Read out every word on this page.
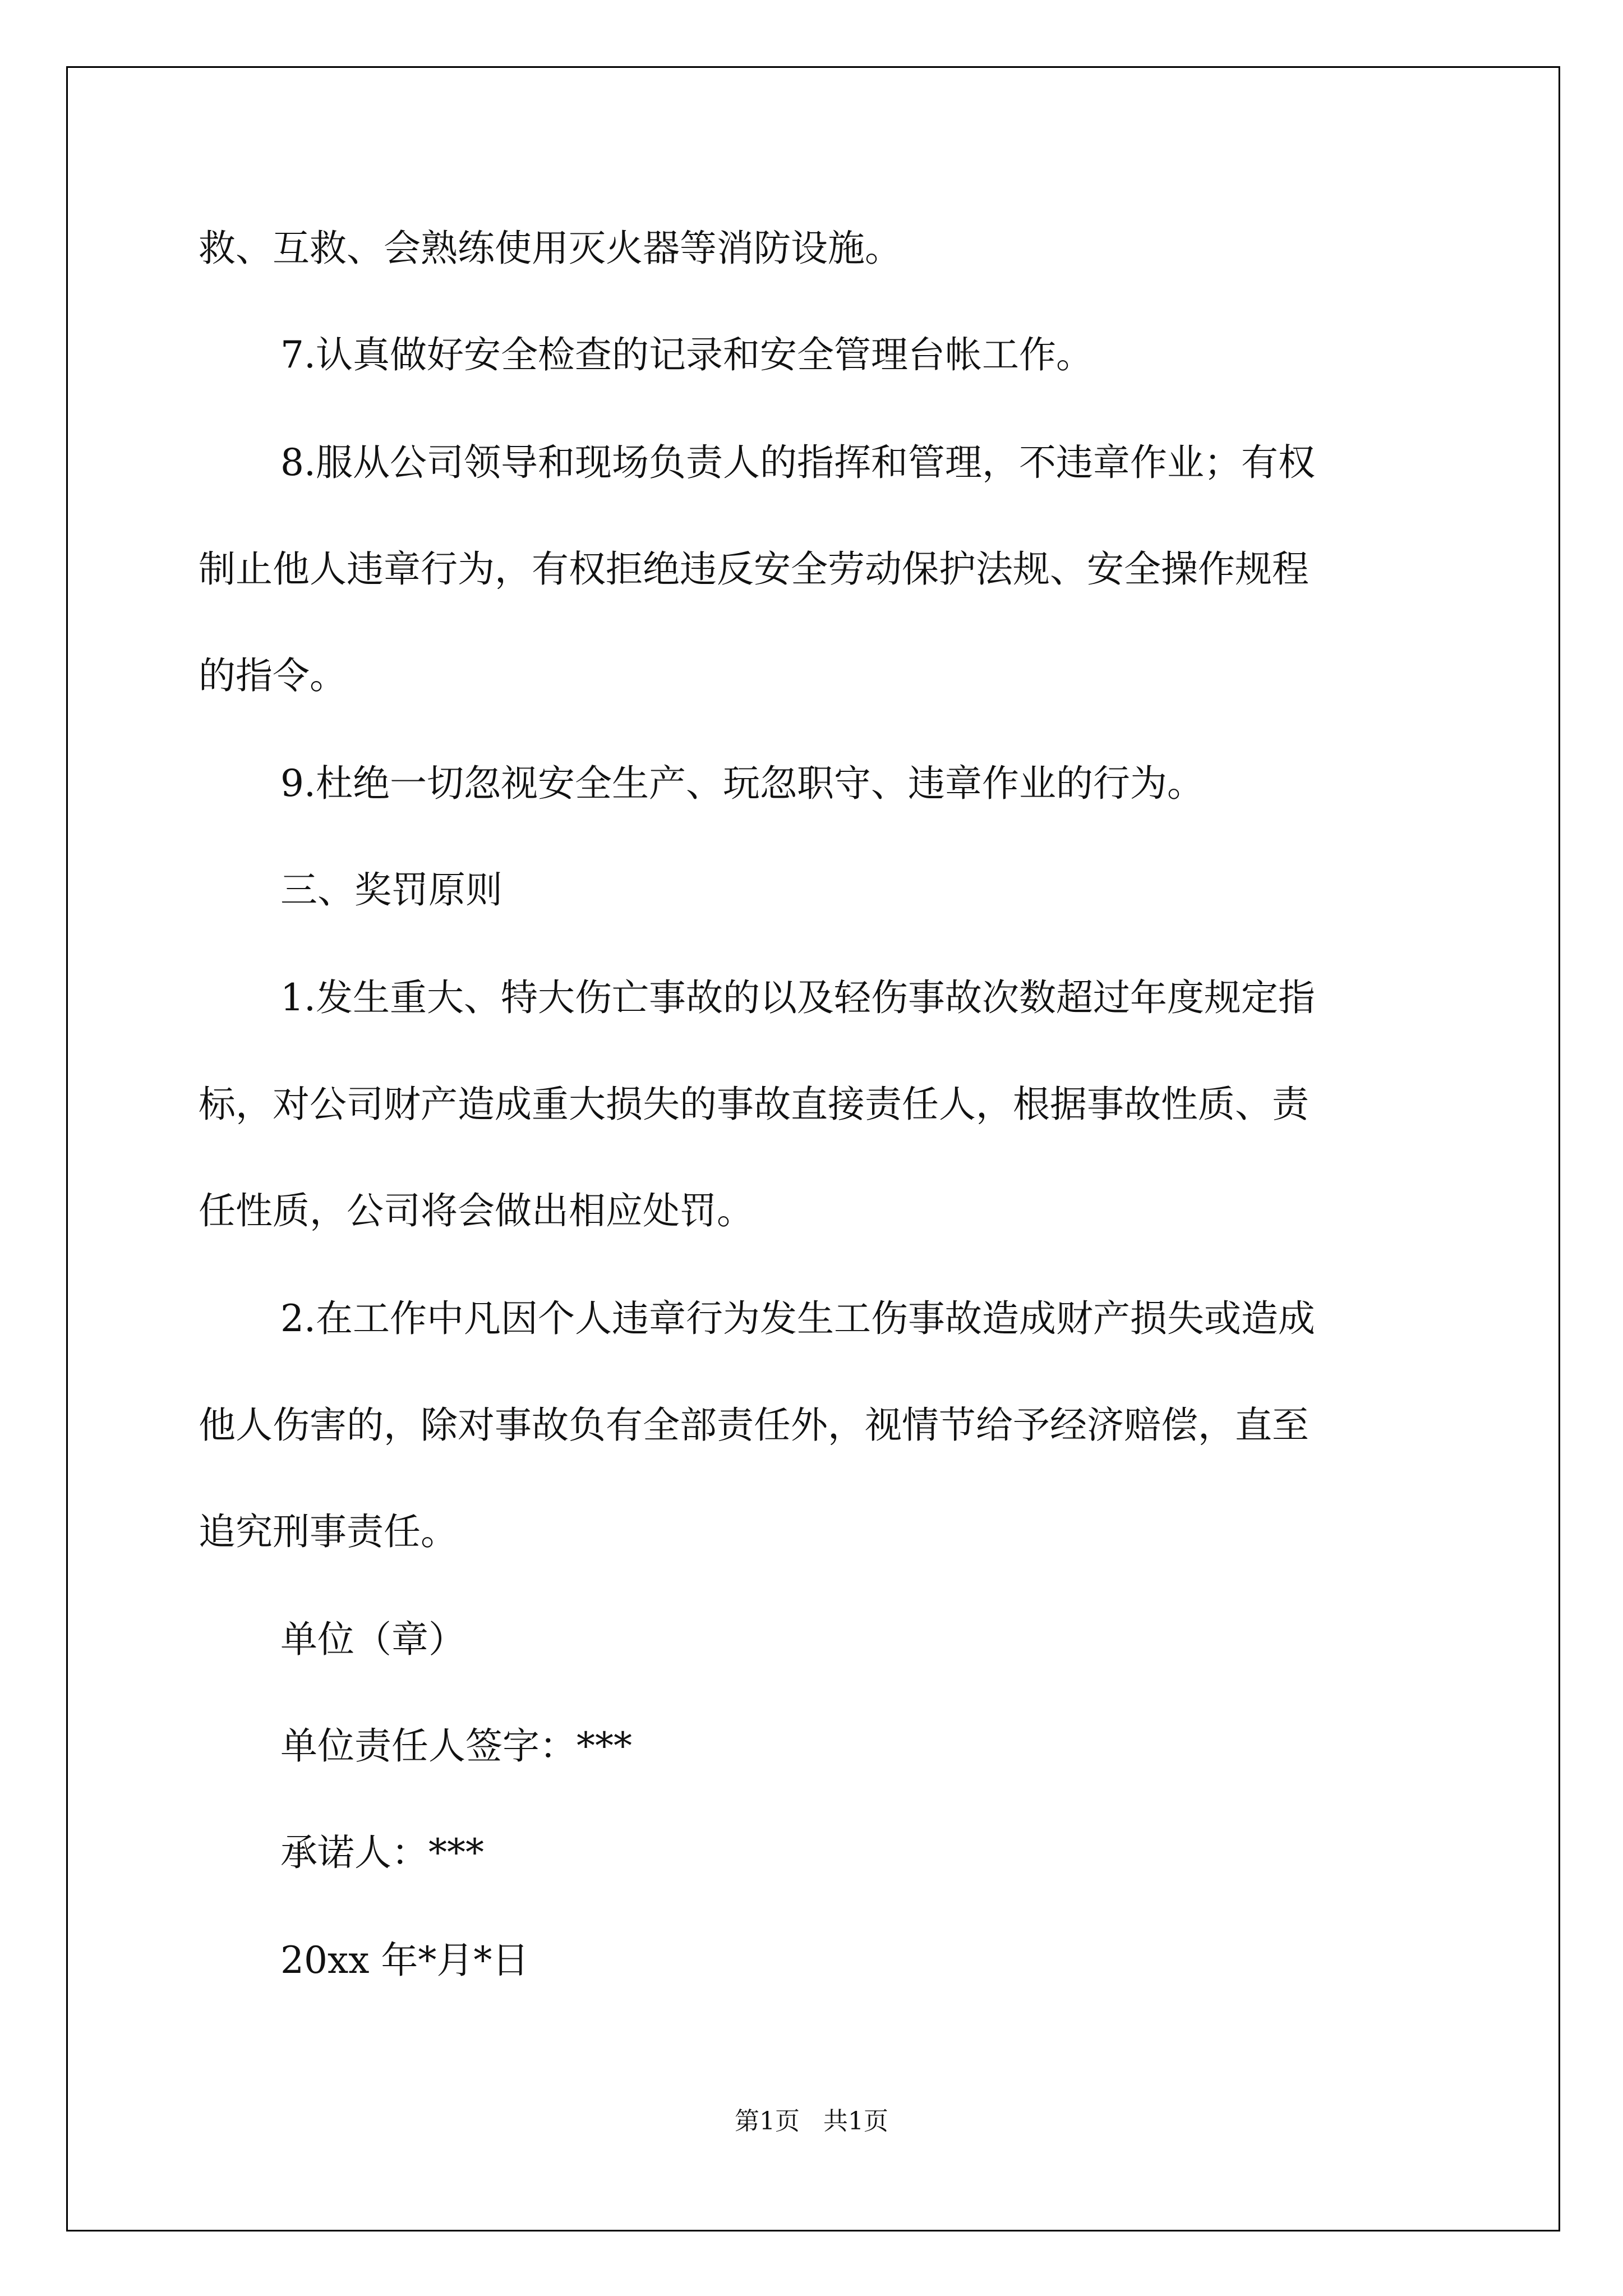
救、互救、会熟练使用灭火器等消防设施。
7.认真做好安全检查的记录和安全管理台帐工作。
8.服从公司领导和现场负责人的指挥和管理，不违章作业；有权
制止他人违章行为，有权拒绝违反安全劳动保护法规、安全操作规程
的指令。
9.杜绝一切忽视安全生产、玩忽职守、违章作业的行为。
三、奖罚原则
1.发生重大、特大伤亡事故的以及轻伤事故次数超过年度规定指
标，对公司财产造成重大损失的事故直接责任人，根据事故性质、责
任性质，公司将会做出相应处罚。
2.在工作中凡因个人违章行为发生工伤事故造成财产损失或造成
他人伤害的，除对事故负有全部责任外，视情节给予经济赔偿，直至
追究刑事责任。
单位（章）
单位责任人签字：***
承诺人：***
20xx 年*月*日
第1页   共1页
